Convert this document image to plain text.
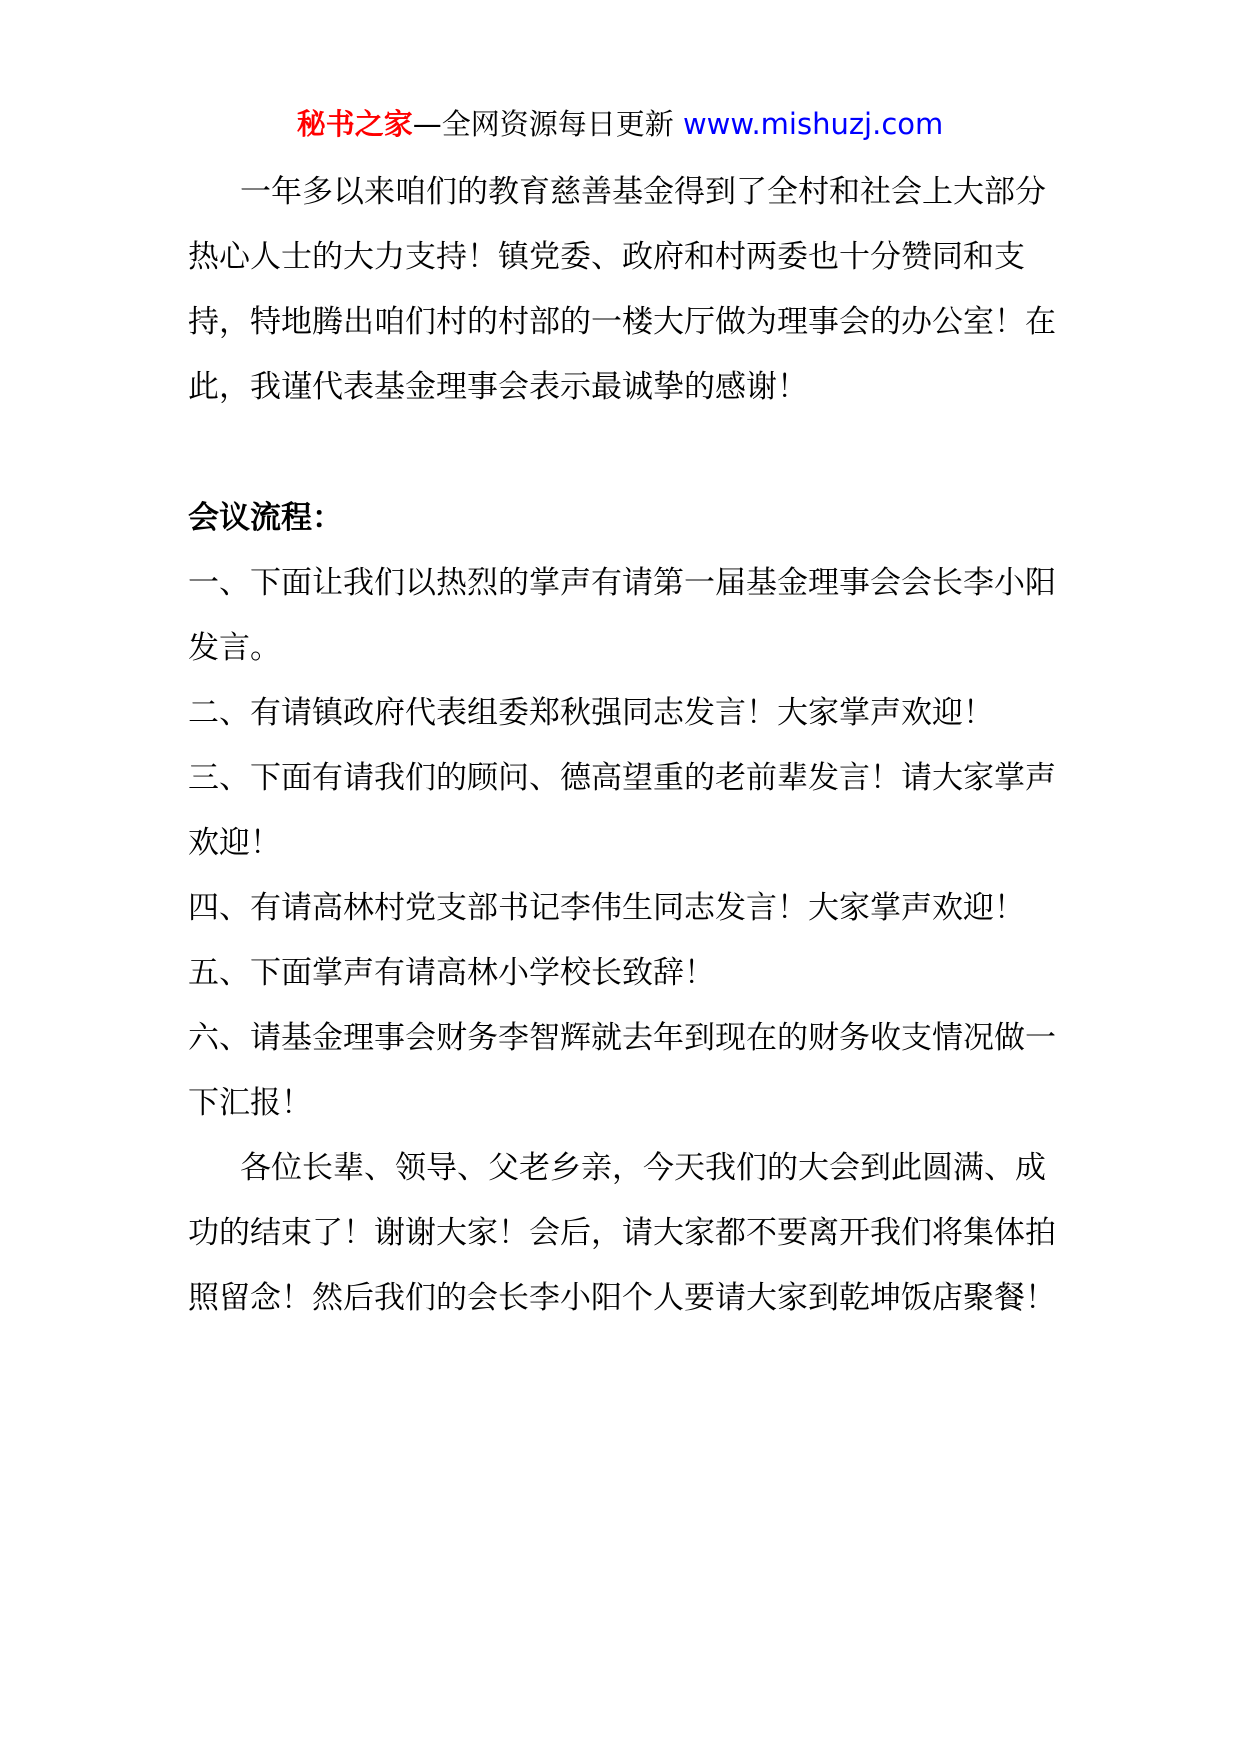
秘书之家—全网资源每日更新 www.mishuzj.com

一年多以来咱们的教育慈善基金得到了全村和社会上大部分热心人士的大力支持！镇党委、政府和村两委也十分赞同和支持，特地腾出咱们村的村部的一楼大厅做为理事会的办公室！在此，我谨代表基金理事会表示最诚挚的感谢！

会议流程：

一、下面让我们以热烈的掌声有请第一届基金理事会会长李小阳发言。
二、有请镇政府代表组委郑秋强同志发言！大家掌声欢迎！
三、下面有请我们的顾问、德高望重的老前辈发言！请大家掌声欢迎！
四、有请高林村党支部书记李伟生同志发言！大家掌声欢迎！
五、下面掌声有请高林小学校长致辞！
六、请基金理事会财务李智辉就去年到现在的财务收支情况做一下汇报！

各位长辈、领导、父老乡亲，今天我们的大会到此圆满、成功的结束了！谢谢大家！会后，请大家都不要离开我们将集体拍照留念！然后我们的会长李小阳个人要请大家到乾坤饭店聚餐！
